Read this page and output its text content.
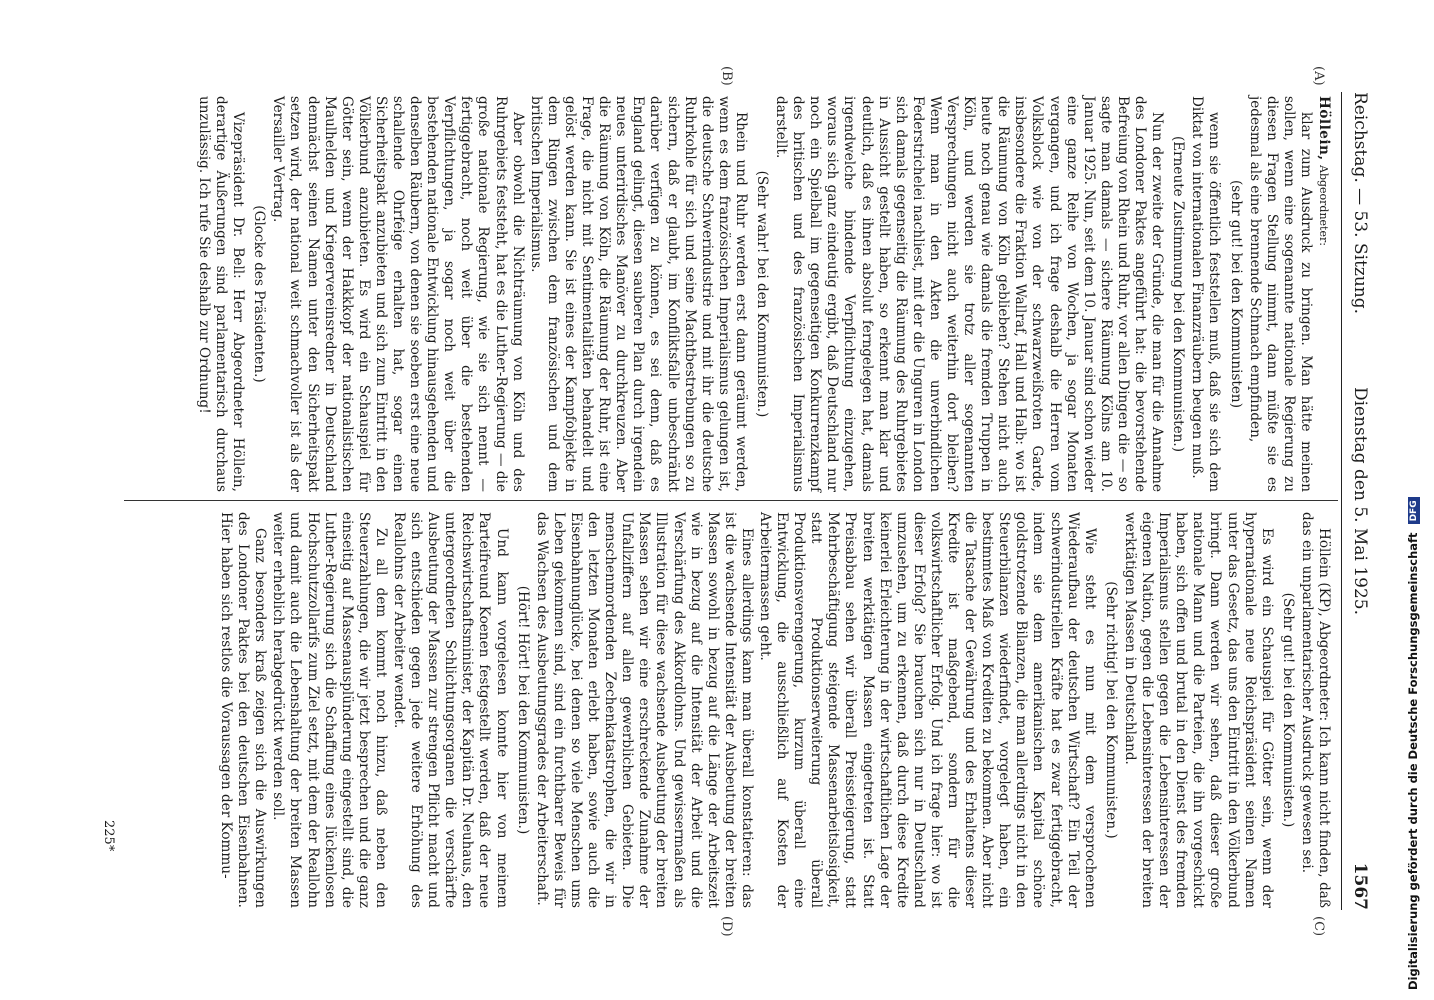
Reichstag. — 53. Sitzung.
Dienstag den 5. Mai 1925.
1567
(A)
(B)
(C)
(D)

Höllein, Abgeordneter:

klar zum Ausdruck zu bringen. Man hätte meinen sollen, wenn eine sogenannte nationale Regierung zu diesen Fragen Stellung nimmt, dann müßte sie es jedesmal als eine brennende Schmach empfinden,

(sehr gut! bei den Kommunisten)

wenn sie öffentlich feststellen muß, daß sie sich dem Diktat von internationalen Finanzräubern beugen muß.

(Erneute Zustimmung bei den Kommunisten.)

Nun der zweite der Gründe, die man für die Annahme des Londoner Paktes angeführt hat: die bevorstehende Befreiung von Rhein und Ruhr, vor allen Dingen die — so sagte man damals — sichere Räumung Kölns am 10. Januar 1925. Nun, seit dem 10. Januar sind schon wieder eine ganze Reihe von Wochen, ja sogar Monaten vergangen, und ich frage deshalb die Herren vom Volksblock wie von der schwarzweißroten Garde, insbesondere die Fraktion Wallraf, Hall und Halb: wo ist die Räumung von Köln geblieben? Stehen nicht auch heute noch genau wie damals die fremden Truppen in Köln, und werden sie trotz aller sogenannten Versprechungen nicht auch weiterhin dort bleiben? Wenn man in den Akten die unverbindlichen Federstrichelei nachliest, mit der die Unguren in London sich damals gegenseitig die Räumung des Ruhrgebietes in Aussicht gestellt haben, so erkennt man klar und deutlich, daß es ihnen absolut ferngelegen hat, damals irgendwelche bindende Verpflichtung einzugehen, woraus sich ganz eindeutig ergibt, daß Deutschland nur noch ein Spielball im gegenseitigen Konkurrenzkampf des britischen und des französischen Imperialismus darstellt.

(Sehr wahr! bei den Kommunisten.)

Rhein und Ruhr werden erst dann geräumt werden, wenn es dem französischen Imperialismus gelungen ist, die deutsche Schwerindustrie und mit ihr die deutsche Ruhrkohle für sich und seine Machtbestrebungen so zu sichern, daß er glaubt, im Konfliktsfalle unbeschränkt darüber verfügen zu können, es sei denn, daß es England gelingt, diesen sauberen Plan durch irgendein neues unterirdisches Manöver zu durchkreuzen. Aber die Räumung von Köln, die Räumung der Ruhr, ist eine Frage, die nicht mit Sentimentalitäten behandelt und gelöst werden kann. Sie ist eines der Kampfobjekte in dem Ringen zwischen dem französischen und dem britischen Imperialismus.

Aber obwohl die Nichträumung von Köln und des Ruhrgebiets feststeht, hat es die Luther-Regierung — die große nationale Regierung, wie sie sich nennt — fertiggebracht, noch weit über die bestehenden Verpflichtungen, ja sogar noch weit über die bestehenden nationale Entwicklung hinausgehenden und denselben Räubern, von denen sie soeben erst eine neue schallende Ohrfeige erhalten hat, sogar einen Sicherheitspakt anzubieten und sich zum Eintritt in den Völkerbund anzubieten. Es wird ein Schauspiel für Götter sein, wenn der Hakkkopf der nationalistischen Maulhelden und Kriegervereinsredner in Deutschland demnächst seinen Namen unter den Sicherheitspakt setzen wird, der national weit schmachvoller ist als der Versailler Vertrag.

(Glocke des Präsidenten.)

Vizepräsident Dr. Bell: Herr Abgeordneter Höllein, derartige Äußerungen sind parlamentarisch durchaus unzulässig. Ich rufe Sie deshalb zur Ordnung!

Höllein (KP), Abgeordneter: Ich kann nicht finden, daß das ein unparlamentarischer Ausdruck gewesen sei.

(Sehr gut! bei den Kommunisten.)

Es wird ein Schauspiel für Götter sein, wenn der hypernationale neue Reichspräsident seinen Namen unter das Gesetz, das uns den Eintritt in den Völkerbund bringt. Dann werden wir sehen, daß dieser große nationale Mann und die Parteien, die ihn vorgeschickt haben, sich offen und brutal in den Dienst des fremden Imperialismus stellen gegen die Lebensinteressen der eigenen Nation, gegen die Lebensinteressen der breiten werktätigen Massen in Deutschland.

(Sehr richtig! bei den Kommunisten.)

Wie steht es nun mit dem versprochenen Wiederaufbau der deutschen Wirtschaft? Ein Teil der schwerindustriellen Kräfte hat es zwar fertiggebracht, indem sie dem amerikanischen Kapital schöne goldstrotzende Bilanzen, die man allerdings nicht in den Steuerbilanzen wiederfindet, vorgelegt haben, ein bestimmtes Maß von Krediten zu bekommen. Aber nicht die Tatsache der Gewährung und des Erhaltens dieser Kredite ist maßgebend, sondern für die volkswirtschaftlicher Erfolg. Und ich frage hier: wo ist dieser Erfolg? Sie brauchen sich nur in Deutschland umzusehen, um zu erkennen, daß durch diese Kredite keinerlei Erleichterung in der wirtschaftlichen Lage der breiten werktätigen Massen eingetreten ist. Statt Preisabbau sehen wir überall Preissteigerung, statt Mehrbeschäftigung steigende Massenarbeitslosigkeit, statt Produktionserweiterung überall Produktionsverengerung, kurzum überall eine Entwicklung, die ausschließlich auf Kosten der Arbeitermassen geht.

Eines allerdings kann man überall konstatieren: das ist die wachsende Intensität der Ausbeutung der breiten Massen sowohl in bezug auf die Länge der Arbeitszeit wie in bezug auf die Intensität der Arbeit und die Verschärfung des Akkordlohns. Und gewissermaßen als Illustration für diese wachsende Ausbeutung der breiten Massen sehen wir eine erschreckende Zunahme der Unfallziffern auf allen gewerblichen Gebieten. Die menschenmordenden Zechenkatastrophen, die wir in den letzten Monaten erlebt haben, sowie auch die Eisenbahnunglücke, bei denen so viele Menschen ums Leben gekommen sind, sind ein furchtbarer Beweis für das Wachsen des Ausbeutungsgrades der Arbeiterschaft.

(Hört! Hört! bei den Kommunisten.)

Und kann vorgelesen konnte hier von meinem Parteifreund Koenen festgestellt werden, daß der neue Reichswirtschaftsminister, der Kapitän Dr. Neuhaus, den untergeordneten Schlichtungsorganen die verschärfte Ausbeutung der Massen zur strengen Pflicht macht und sich entschieden gegen jede weitere Erhöhung des Reallohns der Arbeiter wendet.

Zu all dem kommt noch hinzu, daß neben den Steuerzahlungen, die wir jetzt besprechen und die ganz einseitig auf Massenausplünderung eingestellt sind, die Luther-Regierung sich die Schaffung eines lückenlosen Hochschutzzollarifs zum Ziel setzt, mit dem der Reallohn und damit auch die Lebenshaltung der breiten Massen weiter erheblich herabgedrückt werden soll.

Ganz besonders kraß zeigen sich die Auswirkungen des Londoner Paktes bei den deutschen Eisenbahnen. Hier haben sich restlos die Voraussagen der Kommu-

225*	Digitalisierung gefördert durch die Deutsche Forschungsgemeinschaft DFG
